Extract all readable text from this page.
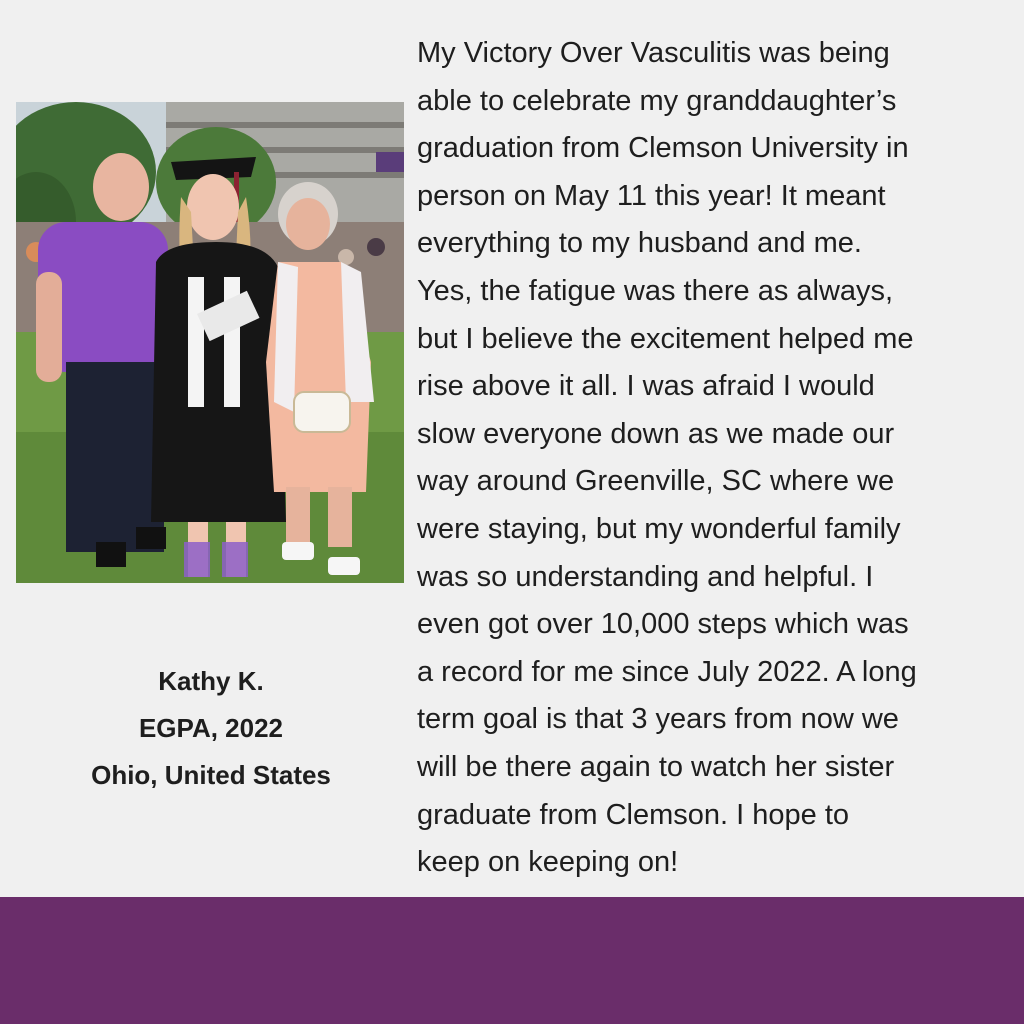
Kathy K.
EGPA, 2022
Ohio, United States
My Victory Over Vasculitis was being
able to celebrate my granddaughter’s
graduation from Clemson University in
person on May 11 this year! It meant
everything to my husband and me.
Yes, the fatigue was there as always,
but I believe the excitement helped me
rise above it all. I was afraid I would
slow everyone down as we made our
way around Greenville, SC where we
were staying, but my wonderful family
was so understanding and helpful. I
even got over 10,000 steps which was
a record for me since July 2022. A long
term goal is that 3 years from now we
will be there again to watch her sister
graduate from Clemson. I hope to
keep on keeping on!
